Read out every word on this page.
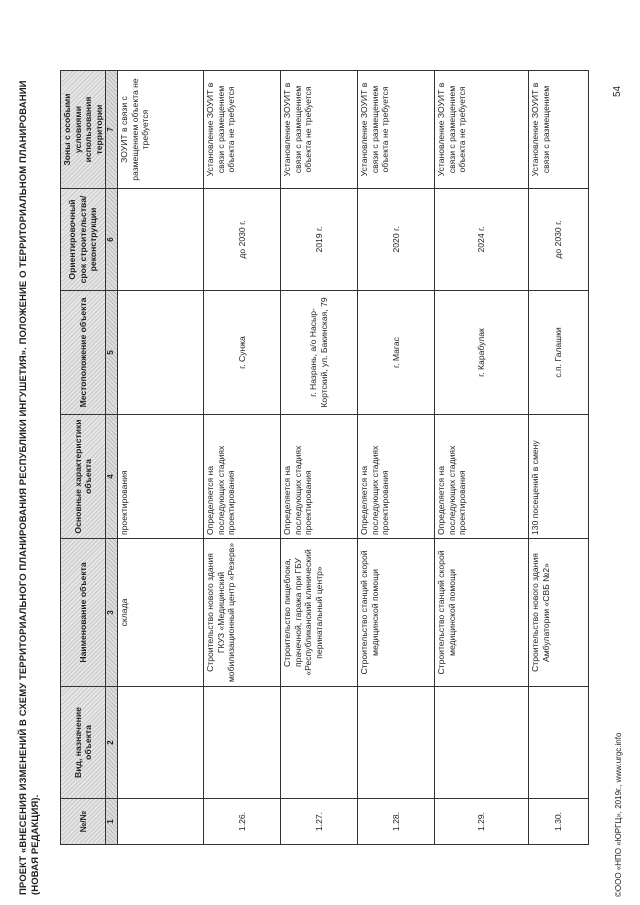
ПРОЕКТ «ВНЕСЕНИЯ ИЗМЕНЕНИЙ В СХЕМУ ТЕРРИТОРИАЛЬНОГО ПЛАНИРОВАНИЯ РЕСПУБЛИКИ ИНГУШЕТИЯ». ПОЛОЖЕНИЕ О ТЕРРИТОРИАЛЬНОМ ПЛАНИРОВАНИИ (НОВАЯ РЕДАКЦИЯ).	№/№	Вид, назначение объекта	Наименование объекта	Основные характеристики объекта	Местоположение объекта	Ориентировочный срок строительства/ реконструкции	Зоны с особыми условиями использования территории
1	2	3	4	5	6	7
		склада	проектирования			ЗОУИТ в связи с размещением объекта не требуется
1.26.		Строительство нового здания ГКУЗ «Медицинский мобилизационный центр «Резерв»	Определяется на последующих стадиях проектирования	г. Сунжа	до 2030 г.	Установление ЗОУИТ в связи с размещением объекта не требуется
1.27.		Строительство пищеблока, прачечной, гаража при ГБУ «Республиканский клинический перинатальный центр»	Определяется на последующих стадиях проектирования	г. Назрань, а/о Насыр-Кортский, ул. Бакинская, 79	2019 г.	Установление ЗОУИТ в связи с размещением объекта не требуется
1.28.		Строительство станций скорой медицинской помощи	Определяется на последующих стадиях проектирования	г. Магас	2020 г.	Установление ЗОУИТ в связи с размещением объекта не требуется
1.29.		Строительство станций скорой медицинской помощи	Определяется на последующих стадиях проектирования	г. Карабулак	2024 г.	Установление ЗОУИТ в связи с размещением объекта не требуется
1.30.		Строительство нового здания Амбулатории «СВБ №2»	130 посещений в смену	с.п. Галашки	до 2030 г.	Установление ЗОУИТ в связи с размещением
©ООО «НПО «ЮРГЦ», 2019г., www.urgc.info
54
